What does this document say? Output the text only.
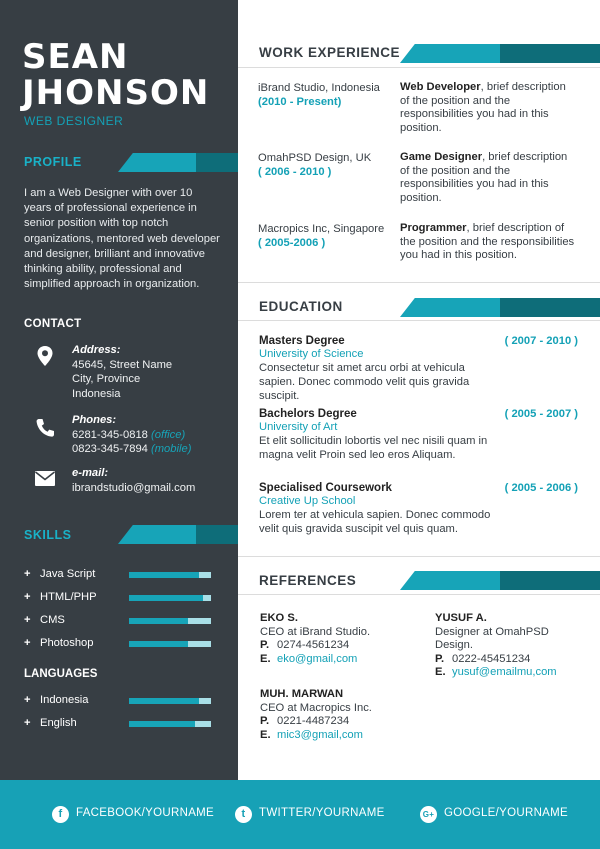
SEAN
JHONSON
WEB DESIGNER
PROFILE
I am a Web Designer with over 10 years of professional experience in senior position with top notch organizations, mentored web developer and designer, brilliant and innovative thinking ability, professional and simplified approach in organization.
CONTACT
Address:
45645, Street Name
City, Province
Indonesia
Phones:
6281-345-0818 (office)
0823-345-7894 (mobile)
e-mail:
ibrandstudio@gmail.com
SKILLS
+ Java Script
+ HTML/PHP
+ CMS
+ Photoshop
LANGUAGES
+ Indonesia
+ English
WORK EXPERIENCE
iBrand Studio, Indonesia
(2010 - Present)
Web Developer, brief description of the position and the responsibilities you had in this position.
OmahPSD Design, UK
( 2006 - 2010 )
Game Designer, brief description of the position and the responsibilities you had in this position.
Macropics Inc, Singapore
( 2005-2006 )
Programmer, brief description of the position and the responsibilities you had in this position.
EDUCATION
Masters Degree	( 2007 - 2010 )
University of Science
Consectetur sit amet arcu orbi at vehicula sapien. Donec commodo velit quis gravida suscipit.
Bachelors Degree	( 2005 - 2007 )
University of Art
Et elit sollicitudin lobortis vel nec nisili quam in magna velit Proin sed leo eros Aliquam.
Specialised Coursework	( 2005 - 2006 )
Creative Up School
Lorem ter at vehicula sapien. Donec commodo velit quis gravida suscipit vel quis quam.
REFERENCES
EKO S.
CEO at iBrand Studio.
P. 0274-4561234
E. eko@gmail,com
YUSUF A.
Designer at OmahPSD Design.
P. 0222-45451234
E. yusuf@emailmu,com
MUH. MARWAN
CEO at Macropics Inc.
P. 0221-4487234
E. mic3@gmail,com
f	FACEBOOK/YOURNAME	t	TWITTER/YOURNAME	G+ GOOGLE/YOURNAME
